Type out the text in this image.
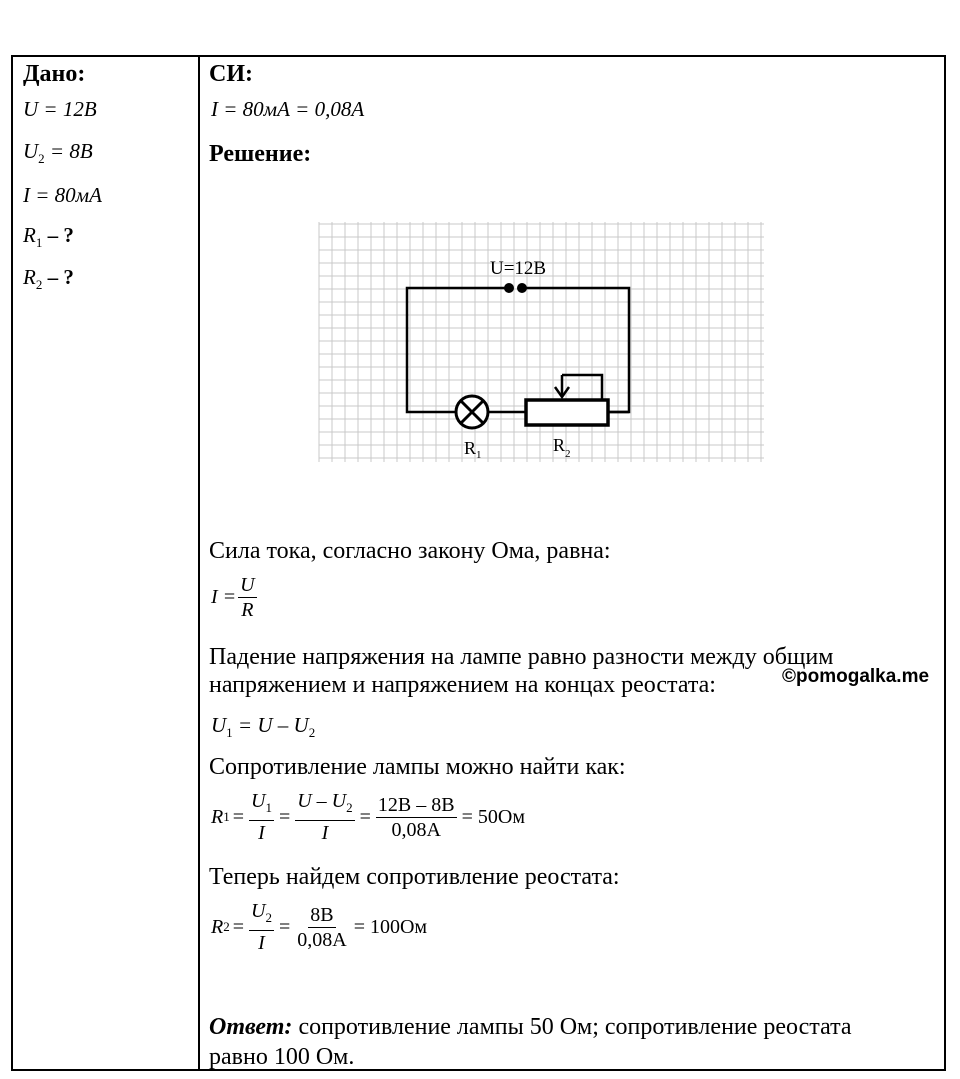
Дано:
U = 12В
$U_2 = 8В$
I = 80мА
$R_1$ – ?
$R_2$ – ?
СИ:
I = 80мА = 0,08А
Решение:
U=12B
$R_1$	$R_2$
Сила тока, согласно закону Ома, равна:
$I = \frac{U}{R}$
Падение напряжения на лампе равно разности между общим
напряжением и напряжением на концах реостата:
$U_1 = U - U_2$
Сопротивление лампы можно найти как:
R $1 = \frac{U_1}{I} = \frac{U - U_2}{I} = \frac{12В - 8В}{0,08А} = 50Ом$
Теперь найдем сопротивление реостата:
R $2 = \frac{U_2}{I} = \frac{8В}{0,08А} = 100Ом$
Ответ: сопротивление лампы 50 Ом; сопротивление реостата
равно 100 Ом.
©pomogalka.me
